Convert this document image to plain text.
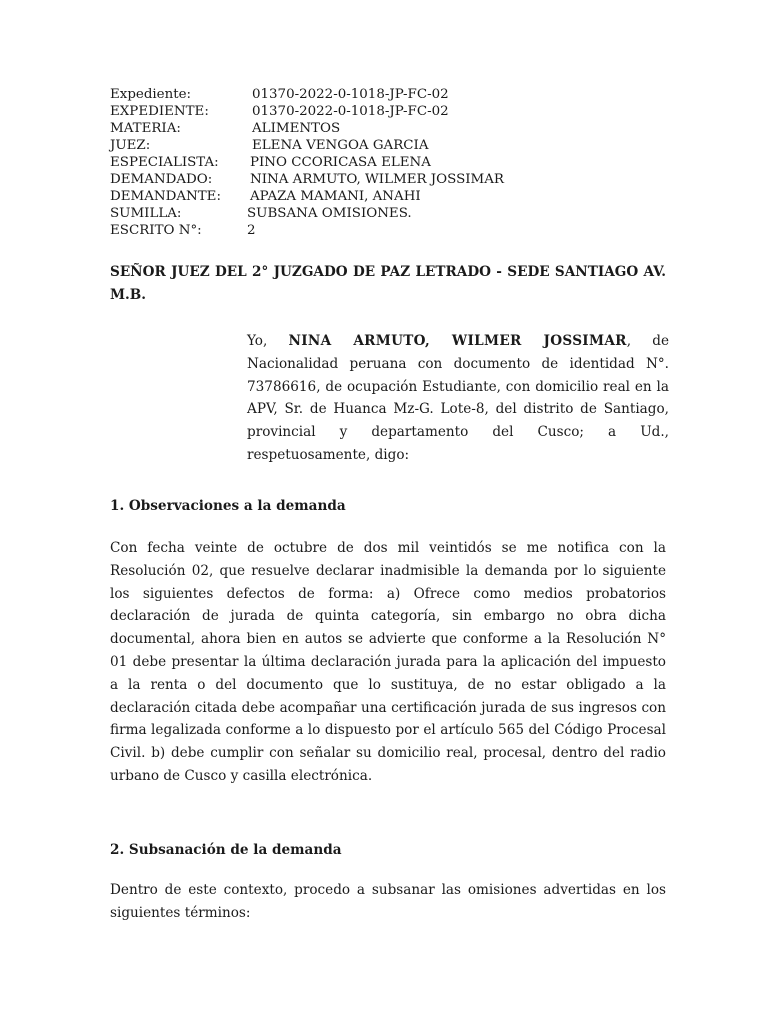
Expediente:	01370-2022-0-1018-JP-FC-02
EXPEDIENTE:	01370-2022-0-1018-JP-FC-02
MATERIA:	ALIMENTOS
JUEZ:	ELENA VENGOA GARCIA
ESPECIALISTA: PINO CCORICASA ELENA
DEMANDADO:	NINA ARMUTO, WILMER JOSSIMAR
DEMANDANTE: APAZA MAMANI, ANAHI
SUMILLA:	SUBSANA OMISIONES.
ESCRITO N°:	2

SEÑOR JUEZ DEL 2° JUZGADO DE PAZ LETRADO - SEDE SANTIAGO AV. M.B.

Yo, NINA ARMUTO, WILMER JOSSIMAR, de Nacionalidad peruana con documento de identidad N°. 73786616, de ocupación Estudiante, con domicilio real en la APV, Sr. de Huanca Mz-G. Lote-8, del distrito de Santiago, provincial y departamento del Cusco; a Ud., respetuosamente, digo:

1. Observaciones a la demanda

Con fecha veinte de octubre de dos mil veintidós se me notifica con la Resolución 02, que resuelve declarar inadmisible la demanda por lo siguiente los siguientes defectos de forma: a) Ofrece como medios probatorios declaración de jurada de quinta categoría, sin embargo no obra dicha documental, ahora bien en autos se advierte que conforme a la Resolución N° 01 debe presentar la última declaración jurada para la aplicación del impuesto a la renta o del documento que lo sustituya, de no estar obligado a la declaración citada debe acompañar una certificación jurada de sus ingresos con firma legalizada conforme a lo dispuesto por el artículo 565 del Código Procesal Civil. b) debe cumplir con señalar su domicilio real, procesal, dentro del radio urbano de Cusco y casilla electrónica.

2. Subsanación de la demanda

Dentro de este contexto, procedo a subsanar las omisiones advertidas en los siguientes términos:
